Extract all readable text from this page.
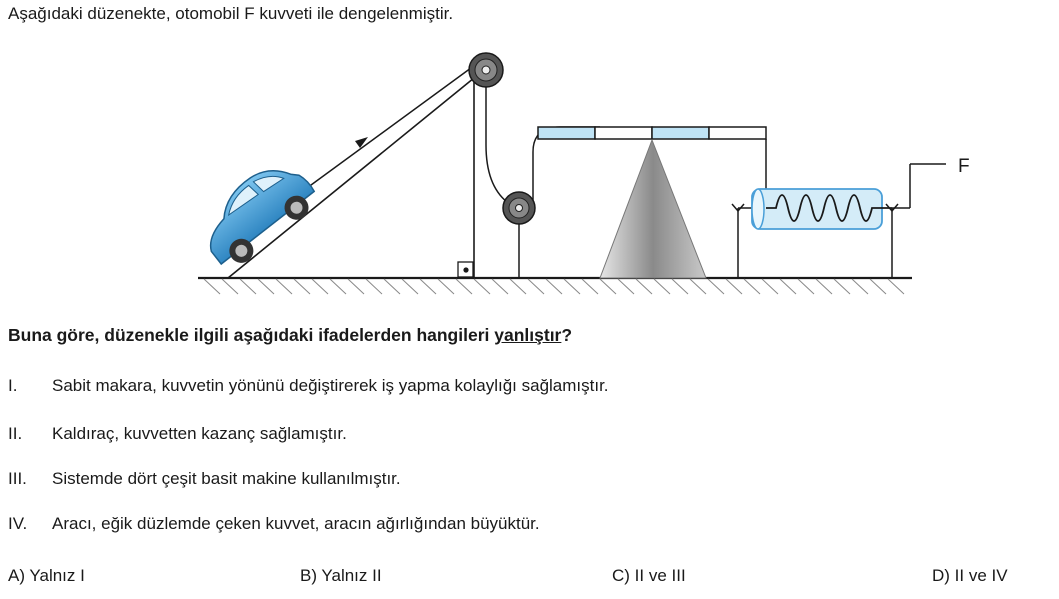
Aşağıdaki düzenekte, otomobil F kuvveti ile dengelenmiştir.
F
Buna göre, düzenekle ilgili aşağıdaki ifadelerden hangileri yanlıştır?
I.	Sabit makara, kuvvetin yönünü değiştirerek iş yapma kolaylığı sağlamıştır.
II.	Kaldıraç, kuvvetten kazanç sağlamıştır.
III.	Sistemde dört çeşit basit makine kullanılmıştır.
IV.	Aracı, eğik düzlemde çeken kuvvet, aracın ağırlığından büyüktür.
A) Yalnız I	B) Yalnız II	C) II ve III	D) II ve IV
